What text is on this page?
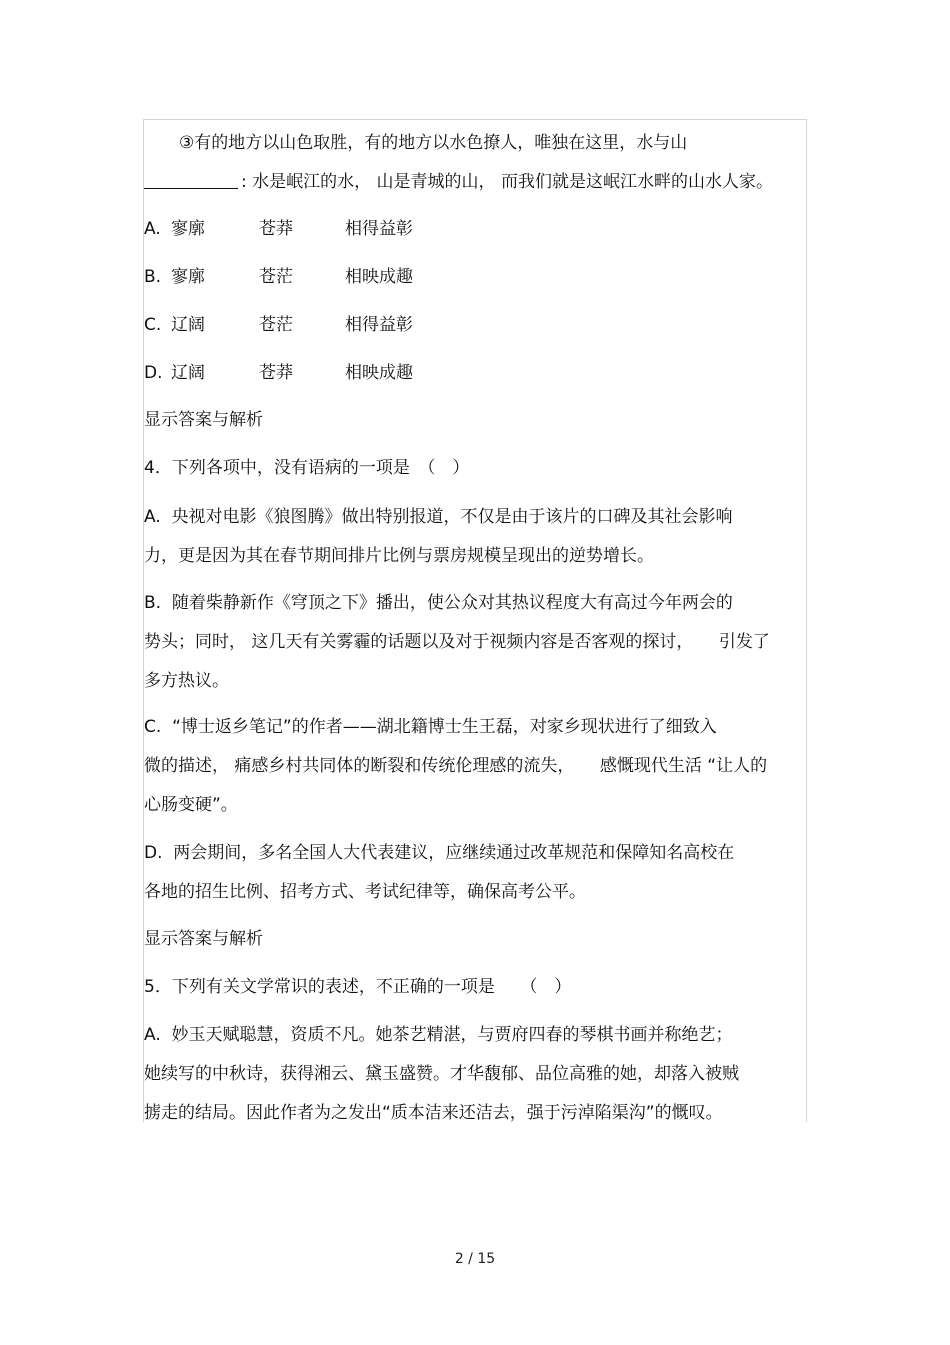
③有的地方以山色取胜，有的地方以水色撩人，唯独在这里，水与山
: 水是岷江的水， 山是青城的山， 而我们就是这岷江水畔的山水人家。
A. 寥廓	苍莽	相得益彰
B. 寥廓	苍茫	相映成趣
C. 辽阔	苍茫	相得益彰
D. 辽阔	苍莽	相映成趣
显示答案与解析
4．下列各项中，没有语病的一项是　（　）
A.  央视对电影《狼图腾》做出特别报道，不仅是由于该片的口碑及其社会影响
力，更是因为其在春节期间排片比例与票房规模呈现出的逆势增长。
B.  随着柴静新作《穹顶之下》播出，使公众对其热议程度大有高过今年两会的
势头；同时， 这几天有关雾霾的话题以及对于视频内容是否客观的探讨，　　引发了
多方热议。
C.  “博士返乡笔记”的作者——湖北籍博士生王磊，对家乡现状进行了细致入
微的描述， 痛感乡村共同体的断裂和传统伦理感的流失，　　感慨现代生活 “让人的
心肠变硬”。
D.  两会期间，多名全国人大代表建议，应继续通过改革规范和保障知名高校在
各地的招生比例、招考方式、考试纪律等，确保高考公平。
显示答案与解析
5．下列有关文学常识的表述，不正确的一项是　　（　）
A.  妙玉天赋聪慧，资质不凡。她茶艺精湛，与贾府四春的琴棋书画并称绝艺；
她续写的中秋诗，获得湘云、黛玉盛赞。才华馥郁、品位高雅的她，却落入被贼
掳走的结局。因此作者为之发出“质本洁来还洁去，强于污淖陷渠沟”的慨叹。
2 / 15
